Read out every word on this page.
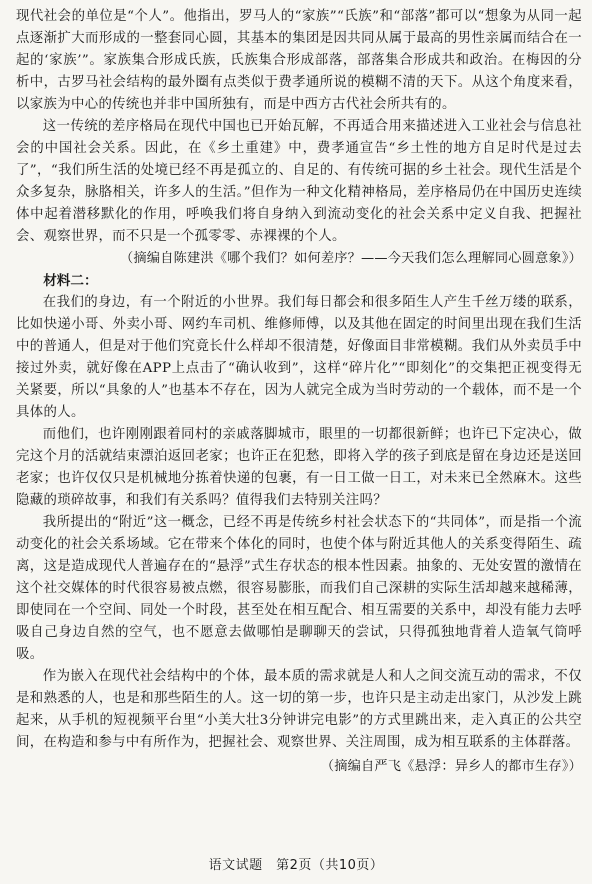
现代社会的单位是“个人”。他指出，罗马人的“家族”“氏族”和“部落”都可以“想象为从同一起点逐渐扩大而形成的一整套同心圆，其基本的集团是因共同从属于最高的男性亲属而结合在一起的‘家族’”。家族集合形成氏族，氏族集合形成部落，部落集合形成共和政治。在梅因的分析中，古罗马社会结构的最外圈有点类似于费孝通所说的模糊不清的天下。从这个角度来看，以家族为中心的传统也并非中国所独有，而是中西方古代社会所共有的。

这一传统的差序格局在现代中国也已开始瓦解，不再适合用来描述进入工业社会与信息社会的中国社会关系。因此，在《乡土重建》中，费孝通宣告“乡土性的地方自足时代是过去了”，“我们所生活的处境已经不再是孤立的、自足的、有传统可据的乡土社会。现代生活是个众多复杂，脉胳相关，许多人的生活。”但作为一种文化精神格局，差序格局仍在中国历史连续体中起着潜移默化的作用，呼唤我们将自身纳入到流动变化的社会关系中定义自我、把握社会、观察世界，而不只是一个孤零零、赤裸裸的个人。

（摘编自陈建洪《哪个我们？如何差序？——今天我们怎么理解同心圆意象》）

材料二：

在我们的身边，有一个附近的小世界。我们每日都会和很多陌生人产生千丝万缕的联系，比如快递小哥、外卖小哥、网约车司机、维修师傅，以及其他在固定的时间里出现在我们生活中的普通人，但是对于他们究竟长什么样却不很清楚，好像面目非常模糊。我们从外卖员手中接过外卖，就好像在APP上点击了“确认收到”，这样“碎片化”“即刻化”的交集把正视变得无关紧要，所以“具象的人”也基本不存在，因为人就完全成为当时劳动的一个载体，而不是一个具体的人。

而他们，也许刚刚跟着同村的亲戚落脚城市，眼里的一切都很新鲜；也许已下定决心，做完这个月的活就结束漂泊返回老家；也许正在犯愁，即将入学的孩子到底是留在身边还是送回老家；也许仅仅只是机械地分拣着快递的包裹，有一日工做一日工，对未来已全然麻木。这些隐藏的琐碎故事，和我们有关系吗？值得我们去特别关注吗？

我所提出的“附近”这一概念，已经不再是传统乡村社会状态下的“共同体”，而是指一个流动变化的社会关系场域。它在带来个体化的同时，也使个体与附近其他人的关系变得陌生、疏离，这是造成现代人普遍存在的“悬浮”式生存状态的根本性因素。抽象的、无处安置的激情在这个社交媒体的时代很容易被点燃，很容易膨胀，而我们自己深耕的实际生活却越来越稀薄，即使同在一个空间、同处一个时段，甚至处在相互配合、相互需要的关系中，却没有能力去呼吸自己身边自然的空气，也不愿意去做哪怕是聊聊天的尝试，只得孤独地背着人造氧气筒呼吸。

作为嵌入在现代社会结构中的个体，最本质的需求就是人和人之间交流互动的需求，不仅是和熟悉的人，也是和那些陌生的人。这一切的第一步，也许只是主动走出家门，从沙发上跳起来，从手机的短视频平台里“小美大壮3分钟讲完电影”的方式里跳出来，走入真正的公共空间，在构造和参与中有所作为，把握社会、观察世界、关注周围，成为相互联系的主体群落。

（摘编自严飞《悬浮：异乡人的都市生存》）

语文试题　第2页（共10页）
